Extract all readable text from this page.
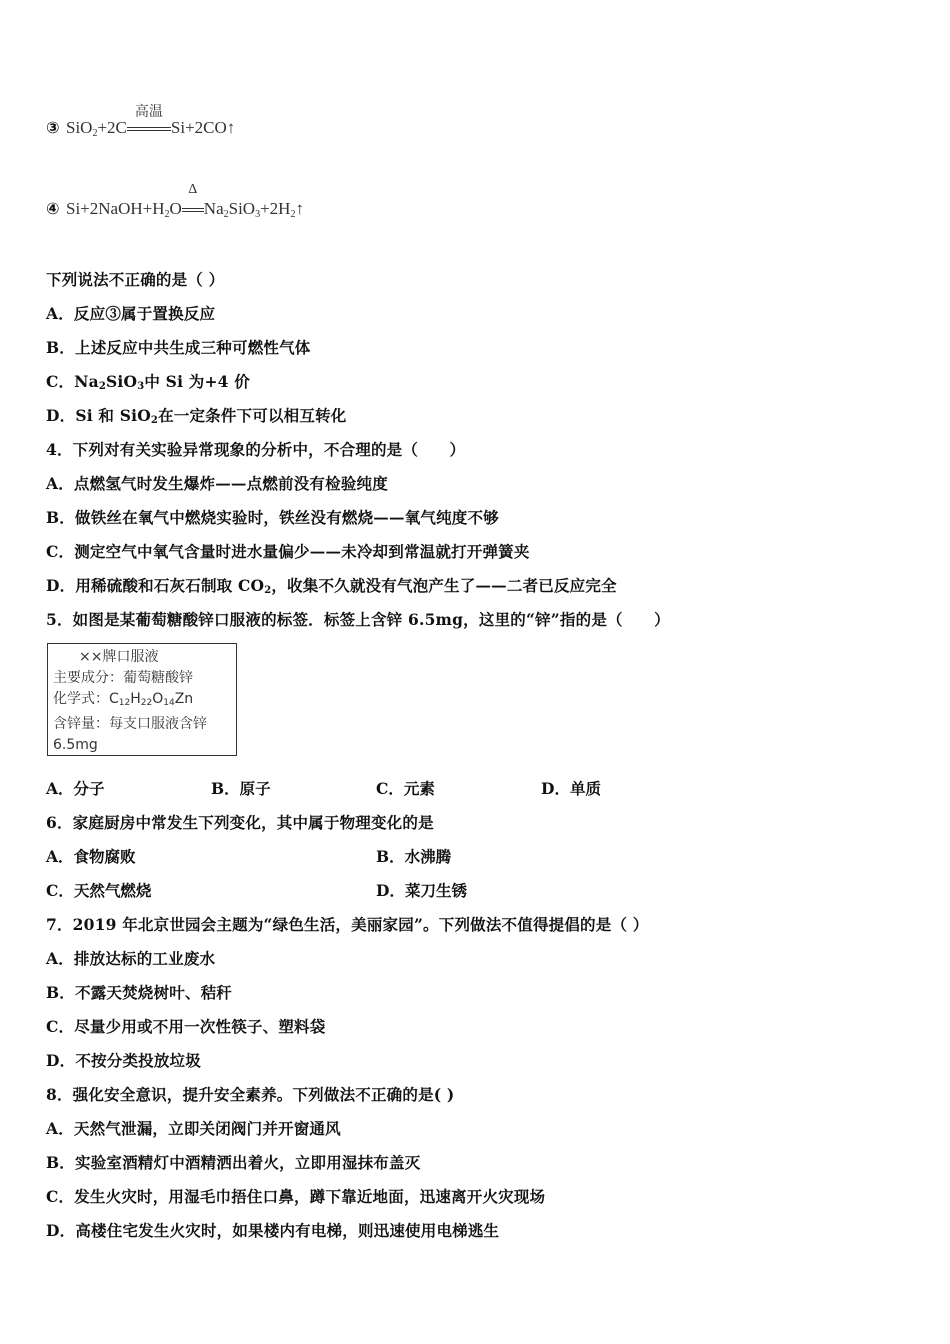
③ SiO$_2$+2C
高温
Si+2CO↑
④ $Si+2NaOH+H_2O$
Δ
$Na_2SiO_3+2H_2↑$
下列说法不正确的是（ ）
A．反应③属于置换反应
B．上述反应中共生成三种可燃性气体
C．$Na_2SiO_3$中 Si 为+4 价
D．Si 和 SiO$_2$在一定条件下可以相互转化
4．下列对有关实验异常现象的分析中，不合理的是（　　）
A．点燃氢气时发生爆炸——点燃前没有检验纯度
B．做铁丝在氧气中燃烧实验时，铁丝没有燃烧——氧气纯度不够
C．测定空气中氧气含量时进水量偏少——未冷却到常温就打开弹簧夹
D．用稀硫酸和石灰石制取 $CO_2$，收集不久就没有气泡产生了——二者已反应完全
5．如图是某葡萄糖酸锌口服液的标签．标签上含锌 6.5mg，这里的“锌”指的是（　　）
××牌口服液
主要成分：葡萄糖酸锌
化学式：$C_{12}H_{22}O_{14}Zn$
含锌量：每支口服液含锌
6.5mg
A．分子	B．原子	C．元素	D．单质
6．家庭厨房中常发生下列变化，其中属于物理变化的是
A．食物腐败	B．水沸腾
C．天然气燃烧	D．菜刀生锈
7．2019 年北京世园会主题为“绿色生活，美丽家园”。下列做法不值得提倡的是（ ）
A．排放达标的工业废水
B．不露天焚烧树叶、秸秆
C．尽量少用或不用一次性筷子、塑料袋
D．不按分类投放垃圾
8．强化安全意识，提升安全素养。下列做法不正确的是( )
A．天然气泄漏，立即关闭阀门并开窗通风
B．实验室酒精灯中酒精洒出着火，立即用湿抹布盖灭
C．发生火灾时，用湿毛巾捂住口鼻，蹲下靠近地面，迅速离开火灾现场
D．高楼住宅发生火灾时，如果楼内有电梯，则迅速使用电梯逃生
